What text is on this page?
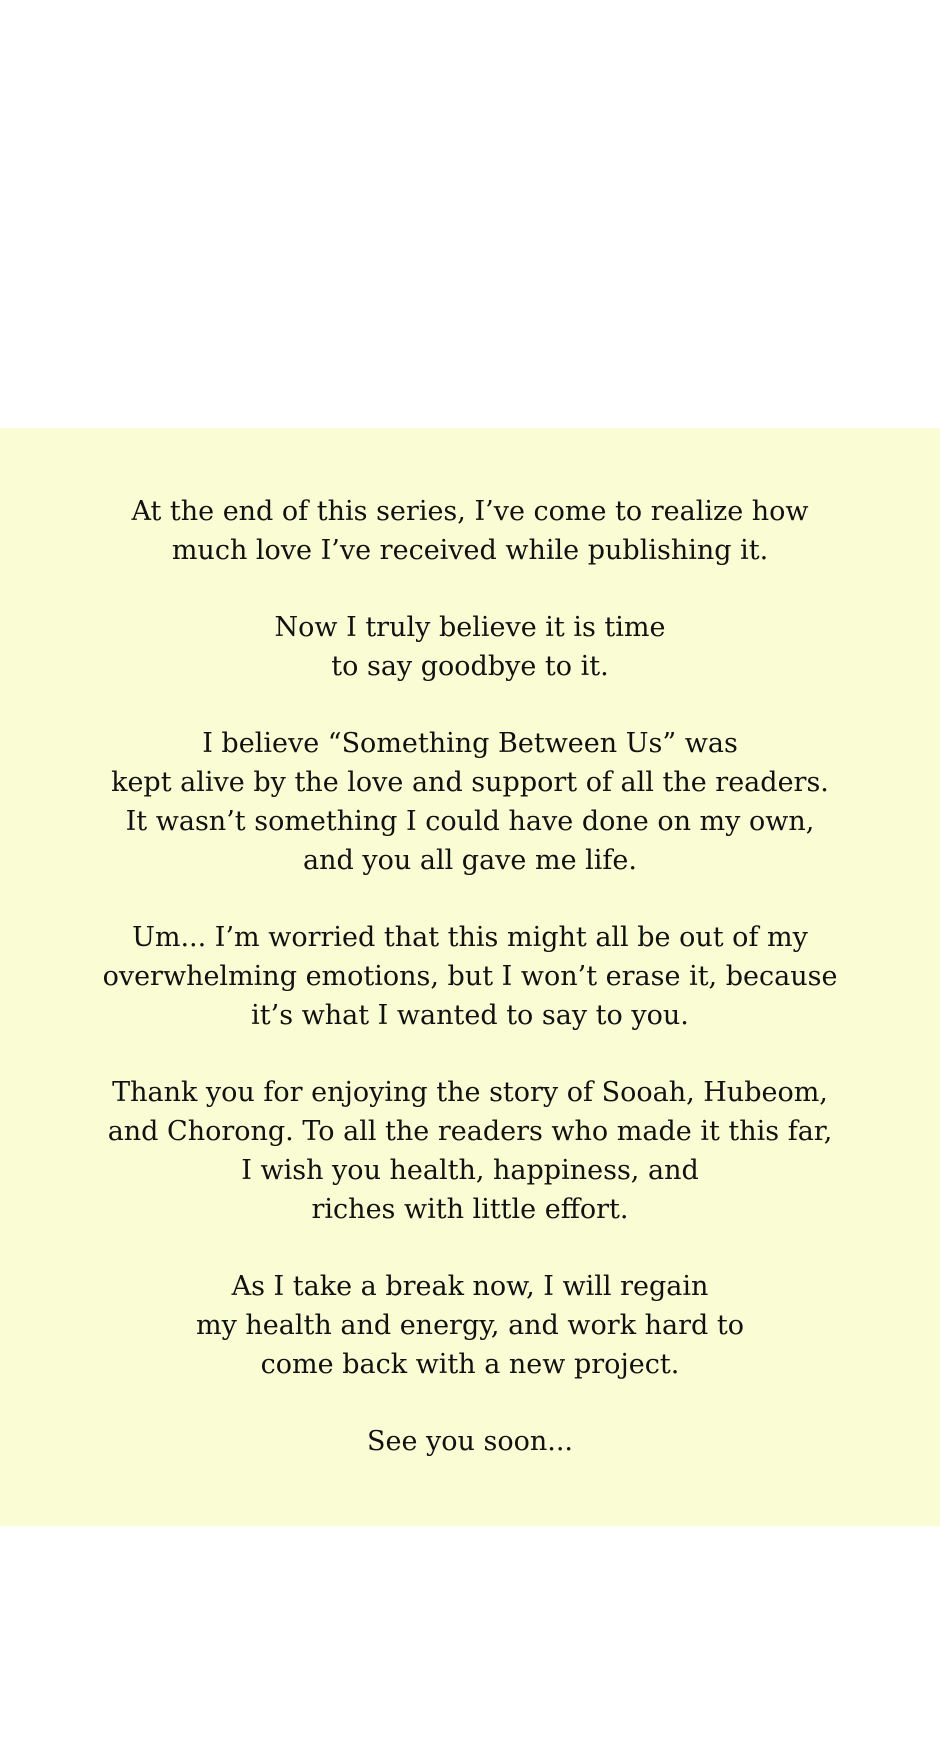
At the end of this series, I’ve come to realize how
much love I’ve received while publishing it.

Now I truly believe it is time
to say goodbye to it.

I believe “Something Between Us” was
kept alive by the love and support of all the readers.
It wasn’t something I could have done on my own,
and you all gave me life.

Um... I’m worried that this might all be out of my
overwhelming emotions, but I won’t erase it, because
it’s what I wanted to say to you.

Thank you for enjoying the story of Sooah, Hubeom,
and Chorong. To all the readers who made it this far,
I wish you health, happiness, and
riches with little effort.

As I take a break now, I will regain
my health and energy, and work hard to
come back with a new project.

See you soon...
